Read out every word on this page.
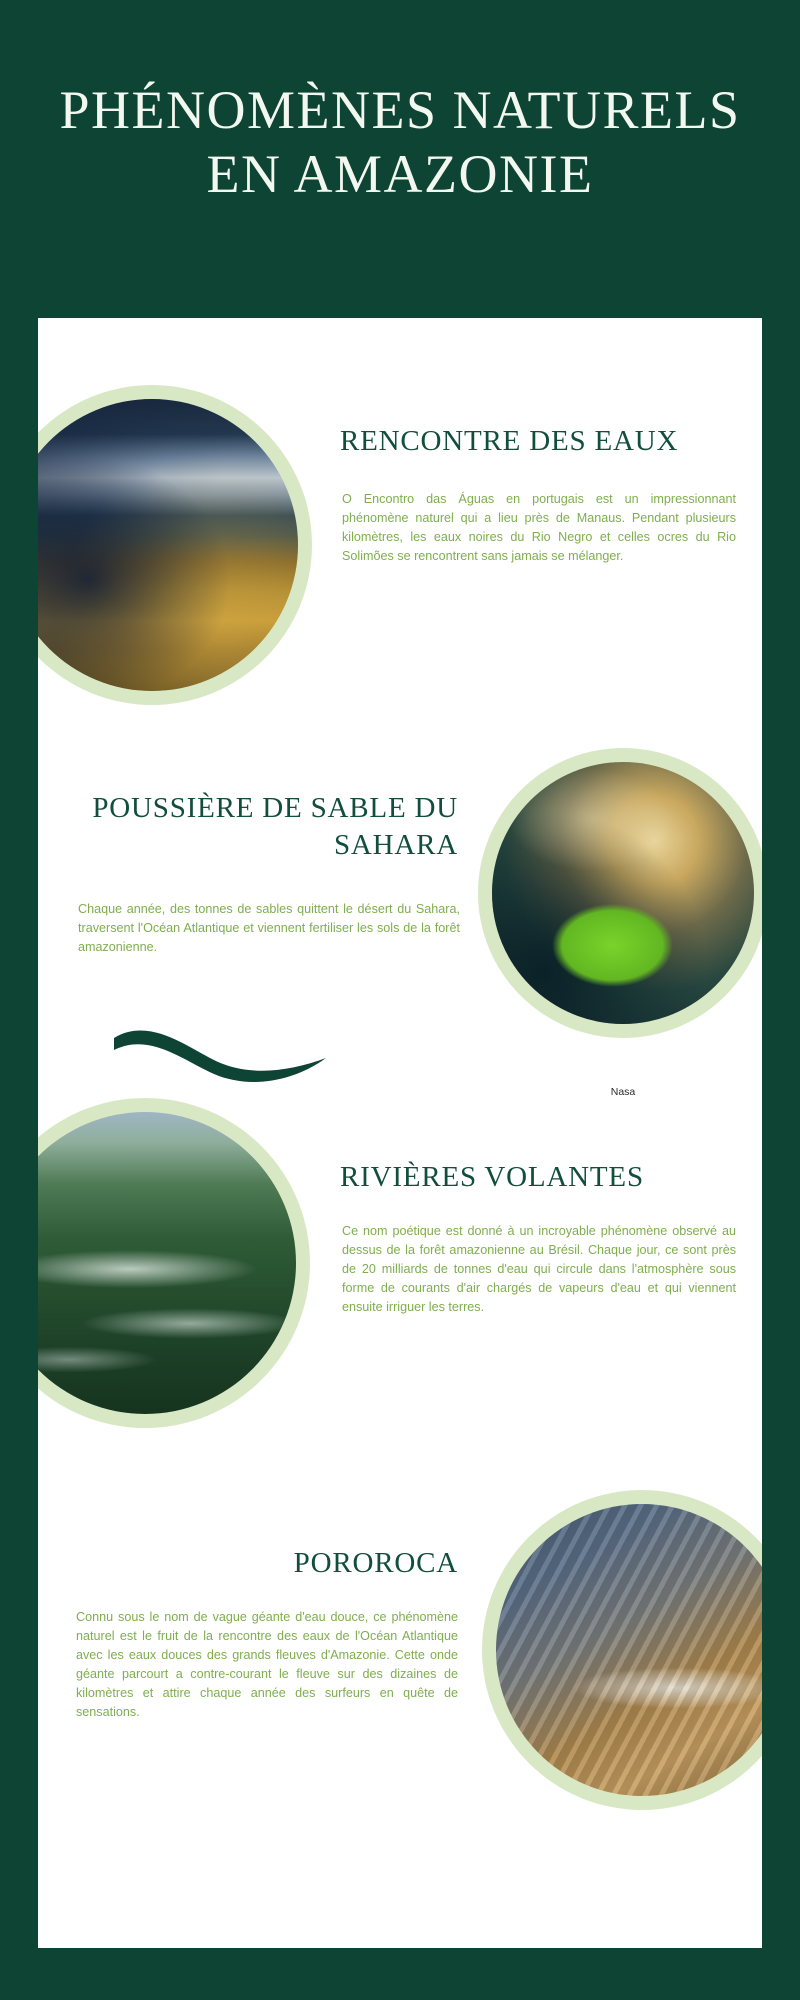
PHÉNOMÈNES NATURELS EN AMAZONIE
RENCONTRE DES EAUX
O Encontro das Águas en portugais est un impressionnant phénomène naturel qui a lieu près de Manaus. Pendant plusieurs kilomètres, les eaux noires du Rio Negro et celles ocres du Rio Solimões se rencontrent sans jamais se mélanger.
Nasa
POUSSIÈRE DE SABLE DU SAHARA
Chaque année, des tonnes de sables quittent le désert du Sahara, traversent l'Océan Atlantique et viennent fertiliser les sols de la forêt amazonienne.
RIVIÈRES VOLANTES
Ce nom poétique est donné à un incroyable phénomène observé au dessus de la forêt amazonienne au Brésil. Chaque jour, ce sont près de 20 milliards de tonnes d'eau qui circule dans l'atmosphère sous forme de courants d'air chargés de vapeurs d'eau et qui viennent ensuite irriguer les terres.
POROROCA
Connu sous le nom de vague géante d'eau douce, ce phénomène naturel est le fruit de la rencontre des eaux de l'Océan Atlantique avec les eaux douces des grands fleuves d'Amazonie. Cette onde géante parcourt a contre-courant le fleuve sur des dizaines de kilomètres et attire chaque année des surfeurs en quête de sensations.
